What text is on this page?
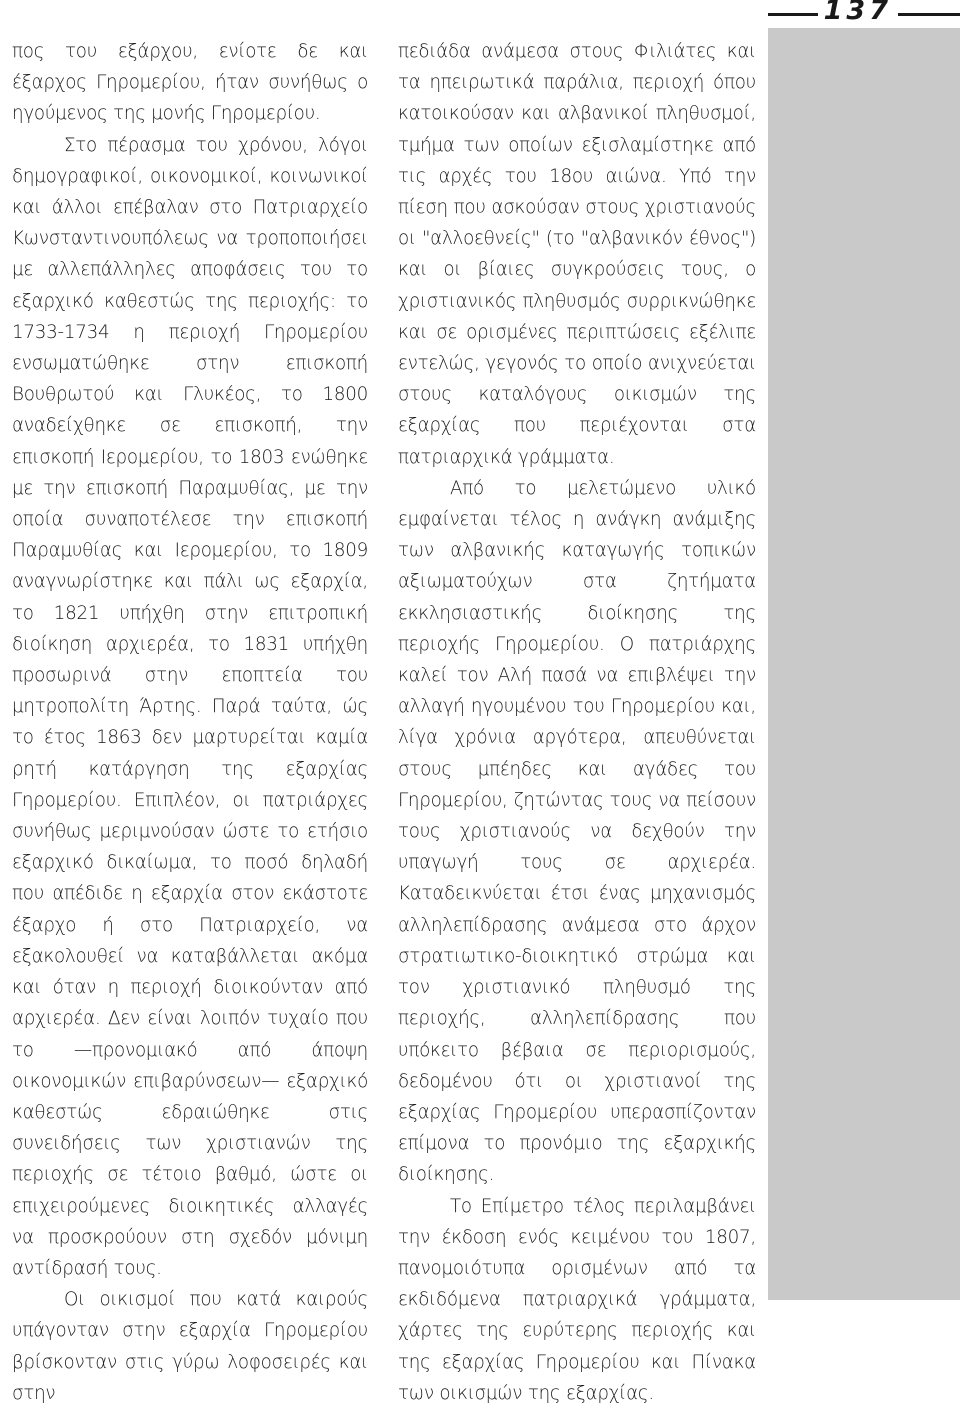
πος του εξάρχου, ενίοτε δε και έξαρχος Γηρομερίου, ήταν συνήθως ο ηγούμενος της μονής Γηρομερίου.

Στο πέρασμα του χρόνου, λόγοι δημογραφικοί, οικονομικοί, κοινωνικοί και άλλοι επέβαλαν στο Πατριαρχείο Κωνσταντινουπόλεως να τροποποιήσει με αλλεπάλληλες αποφάσεις του το εξαρχικό καθεστώς της περιοχής: το 1733-1734 η περιοχή Γηρομερίου ενσωματώθηκε στην επισκοπή Βουθρωτού και Γλυκέος, το 1800 αναδείχθηκε σε επισκοπή, την επισκοπή Ιερομερίου, το 1803 ενώθηκε με την επισκοπή Παραμυθίας, με την οποία συναποτέλεσε την επισκοπή Παραμυθίας και Ιερομερίου, το 1809 αναγνωρίστηκε και πάλι ως εξαρχία, το 1821 υπήχθη στην επιτροπική διοίκηση αρχιερέα, το 1831 υπήχθη προσωρινά στην εποπτεία του μητροπολίτη Άρτης. Παρά ταύτα, ώς το έτος 1863 δεν μαρτυρείται καμία ρητή κατάργηση της εξαρχίας Γηρομερίου. Επιπλέον, οι πατριάρχες συνήθως μεριμνούσαν ώστε το ετήσιο εξαρχικό δικαίωμα, το ποσό δηλαδή που απέδιδε η εξαρχία στον εκάστοτε έξαρχο ή στο Πατριαρχείο, να εξακολουθεί να καταβάλλεται ακόμα και όταν η περιοχή διοικούνταν από αρχιερέα. Δεν είναι λοιπόν τυχαίο που το —προνομιακό από άποψη οικονομικών επιβαρύνσεων— εξαρχικό καθεστώς εδραιώθηκε στις συνειδήσεις των χριστιανών της περιοχής σε τέτοιο βαθμό, ώστε οι επιχειρούμενες διοικητικές αλλαγές να προσκρούουν στη σχεδόν μόνιμη αντίδρασή τους.

Οι οικισμοί που κατά καιρούς υπάγονταν στην εξαρχία Γηρομερίου βρίσκονταν στις γύρω λοφοσειρές και στην

πεδιάδα ανάμεσα στους Φιλιάτες και τα ηπειρωτικά παράλια, περιοχή όπου κατοικούσαν και αλβανικοί πληθυσμοί, τμήμα των οποίων εξισλαμίστηκε από τις αρχές του 18ου αιώνα. Υπό την πίεση που ασκούσαν στους χριστιανούς οι "αλλοεθνείς" (το "αλβανικόν έθνος") και οι βίαιες συγκρούσεις τους, ο χριστιανικός πληθυσμός συρρικνώθηκε και σε ορισμένες περιπτώσεις εξέλιπε εντελώς, γεγονός το οποίο ανιχνεύεται στους καταλόγους οικισμών της εξαρχίας που περιέχονται στα πατριαρχικά γράμματα.

Από το μελετώμενο υλικό εμφαίνεται τέλος η ανάγκη ανάμιξης των αλβανικής καταγωγής τοπικών αξιωματούχων στα ζητήματα εκκλησιαστικής διοίκησης της περιοχής Γηρομερίου. Ο πατριάρχης καλεί τον Αλή πασά να επιβλέψει την αλλαγή ηγουμένου του Γηρομερίου και, λίγα χρόνια αργότερα, απευθύνεται στους μπέηδες και αγάδες του Γηρομερίου, ζητώντας τους να πείσουν τους χριστιανούς να δεχθούν την υπαγωγή τους σε αρχιερέα. Καταδεικνύεται έτσι ένας μηχανισμός αλληλεπίδρασης ανάμεσα στο άρχον στρατιωτικο-διοικητικό στρώμα και τον χριστιανικό πληθυσμό της περιοχής, αλληλεπίδρασης που υπόκειτο βέβαια σε περιορισμούς, δεδομένου ότι οι χριστιανοί της εξαρχίας Γηρομερίου υπερασπίζονταν επίμονα το προνόμιο της εξαρχικής διοίκησης.

Το Επίμετρο τέλος περιλαμβάνει την έκδοση ενός κειμένου του 1807, πανομοιότυπα ορισμένων από τα εκδιδόμενα πατριαρχικά γράμματα, χάρτες της ευρύτερης περιοχής και της εξαρχίας Γηρομερίου και Πίνακα των οικισμών της εξαρχίας.

137
